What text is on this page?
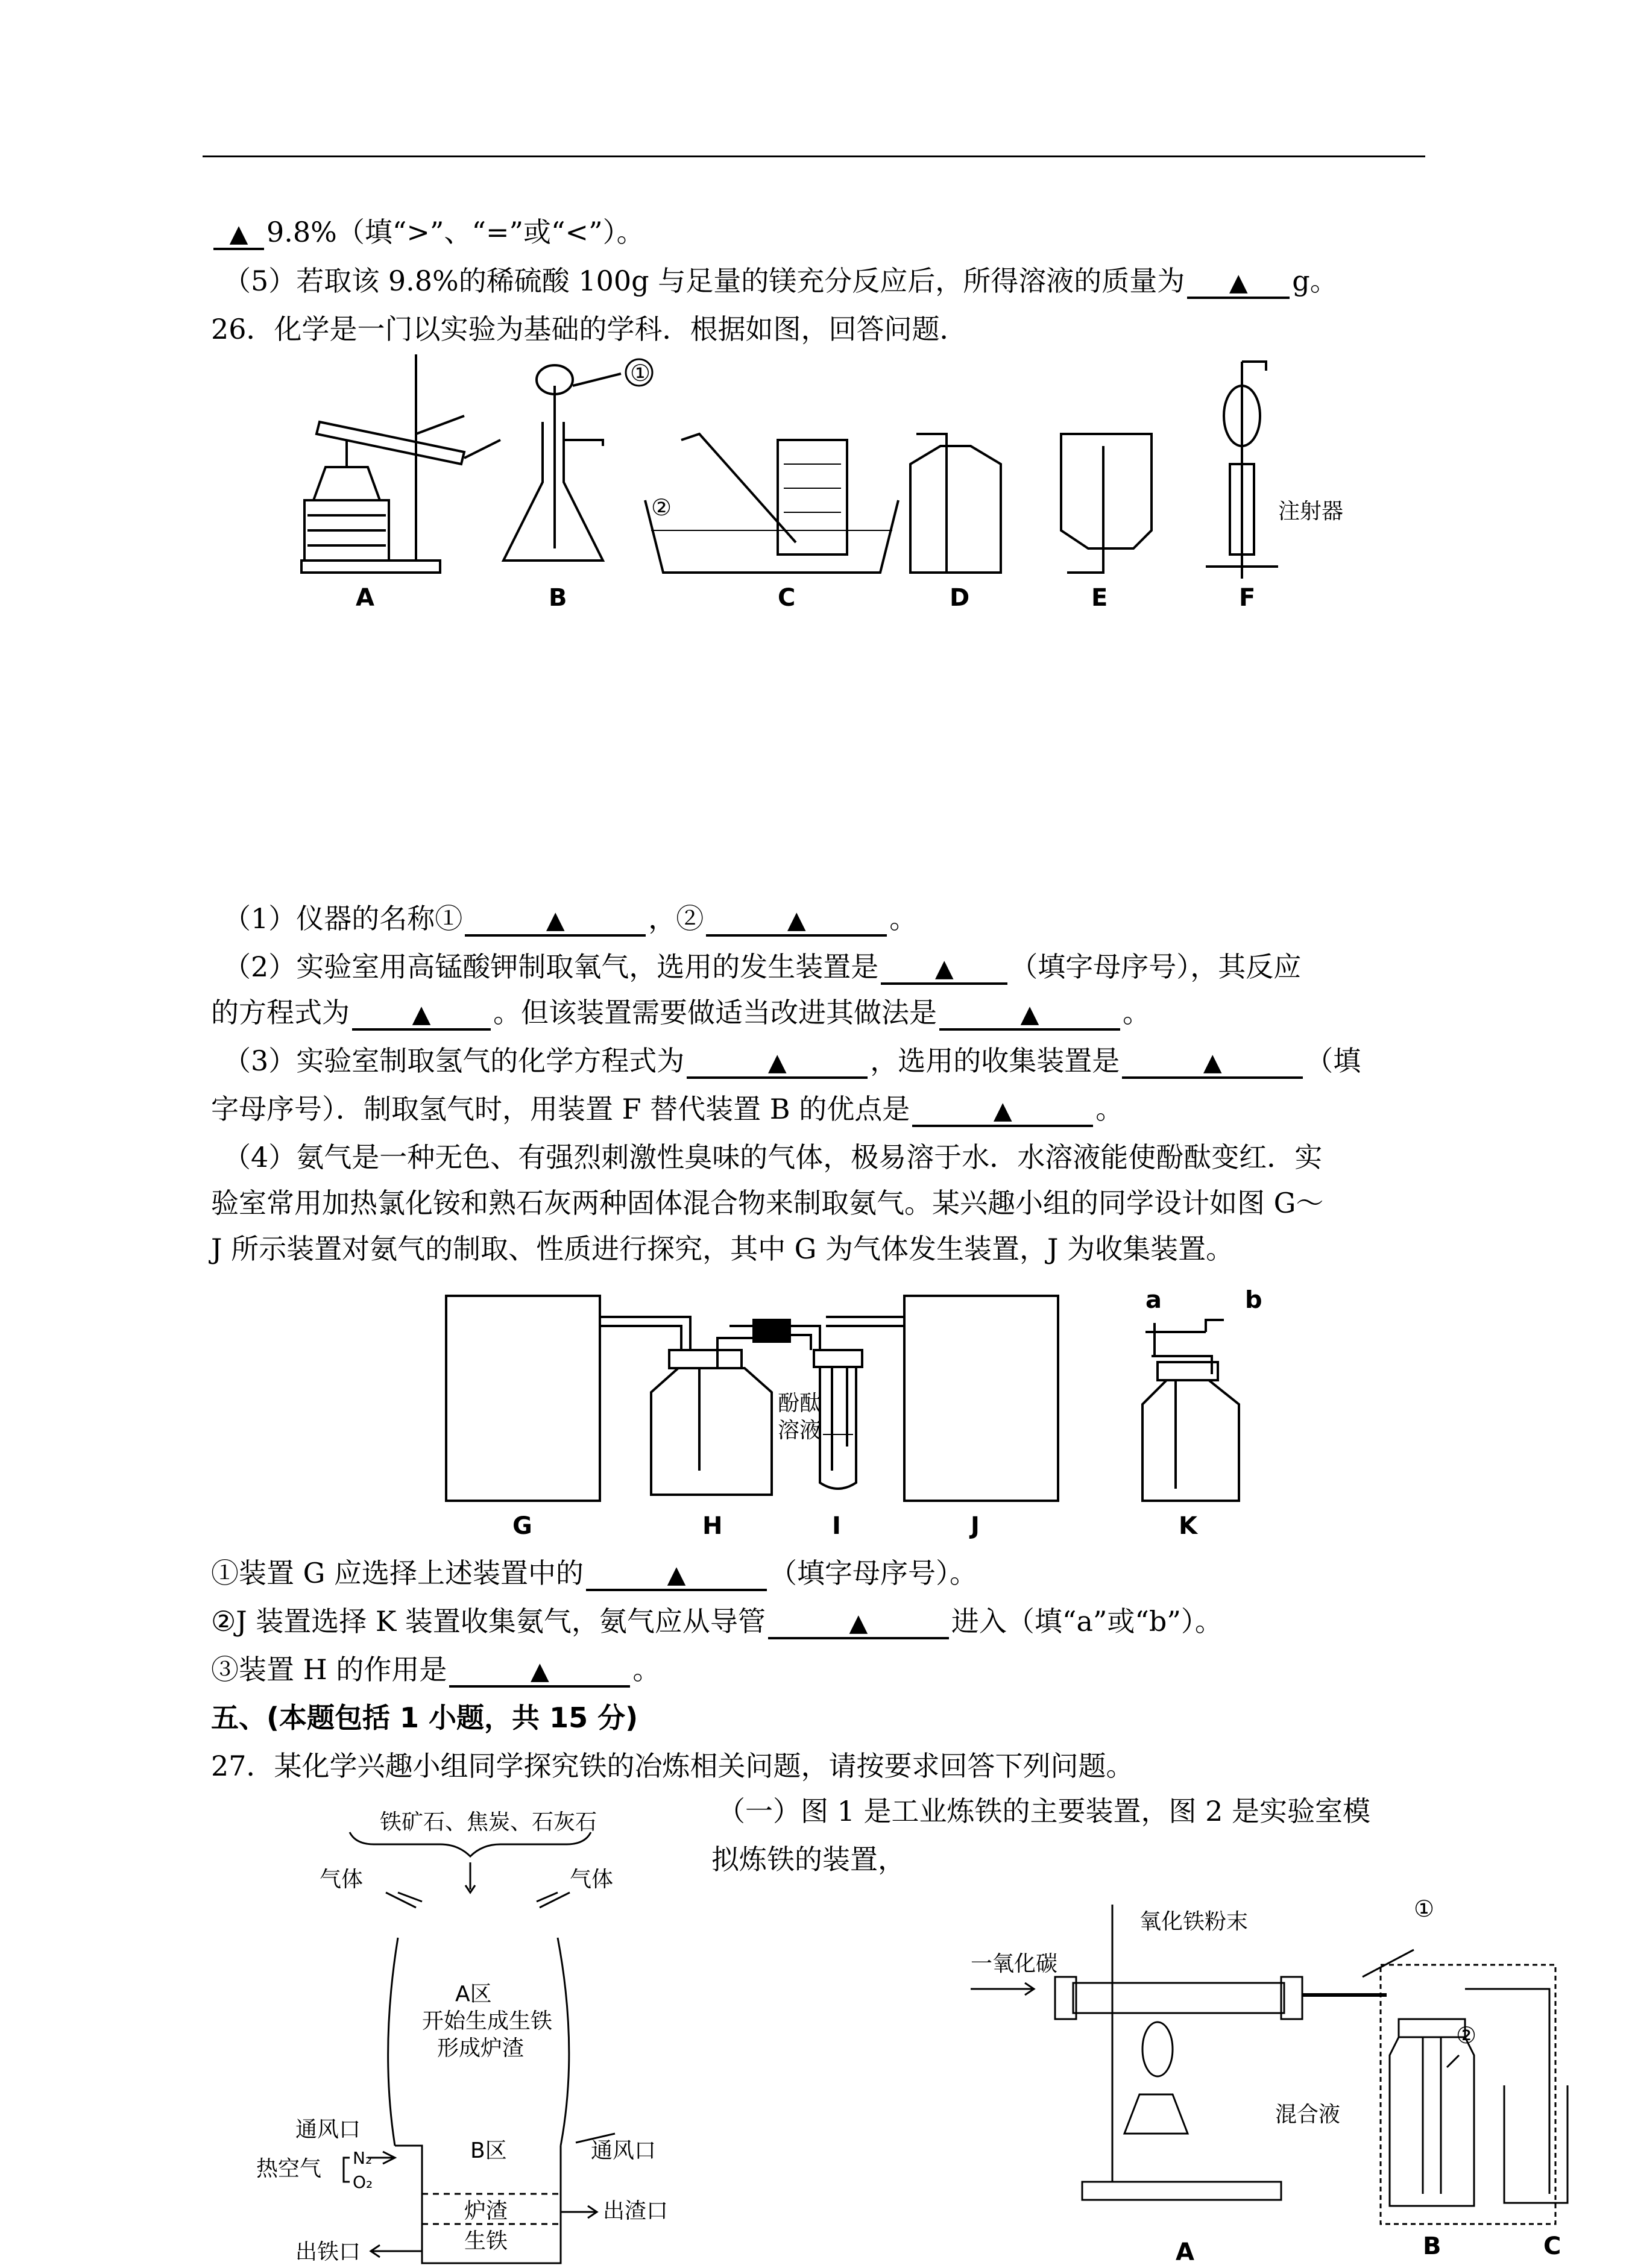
▲ 9.8%（填“>”、“=”或“<”）。
（5）若取该 9.8%的稀硫酸 100g 与足量的镁充分反应后，所得溶液的质量为 ▲ g。
26．化学是一门以实验为基础的学科．根据如图，回答问题．
A	B	C	D	E	F
①
②	注射器
（1）仪器的名称①	▲	，②	▲	。
（2）实验室用高锰酸钾制取氧气，选用的发生装置是 ▲ （填字母序号），其反应
的方程式为	▲ 。但该装置需要做适当改进其做法是	▲	。
（3）实验室制取氢气的化学方程式为	▲	，选用的收集装置是	▲	（填
字母序号）．制取氢气时，用装置 F 替代装置 B 的优点是	▲	。
（4）氨气是一种无色、有强烈刺激性臭味的气体，极易溶于水．水溶液能使酚酞变红．实
验室常用加热氯化铵和熟石灰两种固体混合物来制取氨气。某兴趣小组的同学设计如图 G～
J 所示装置对氨气的制取、性质进行探究，其中 G 为气体发生装置，J 为收集装置。
G	H	I	J	K
酚酞
溶液
a	b
①装置 G 应选择上述装置中的	▲	（填字母序号）。
②J 装置选择 K 装置收集氨气，氨气应从导管	▲	进入（填“a”或“b”）。
③装置 H 的作用是	▲	。
五、(本题包括 1 小题，共 15 分)
27．某化学兴趣小组同学探究铁的冶炼相关问题，请按要求回答下列问题。
（一）图 1 是工业炼铁的主要装置，图 2 是实验室模
拟炼铁的装置，
铁矿石、焦炭、石灰石
气体	气体
A区
开始生成生铁
形成炉渣
B区
通风口
通风口
热空气 N₂
O₂
炉渣
生铁
出渣口
出铁口
一氧化碳
氧化铁粉末	①
②
混合液
A	B	C
